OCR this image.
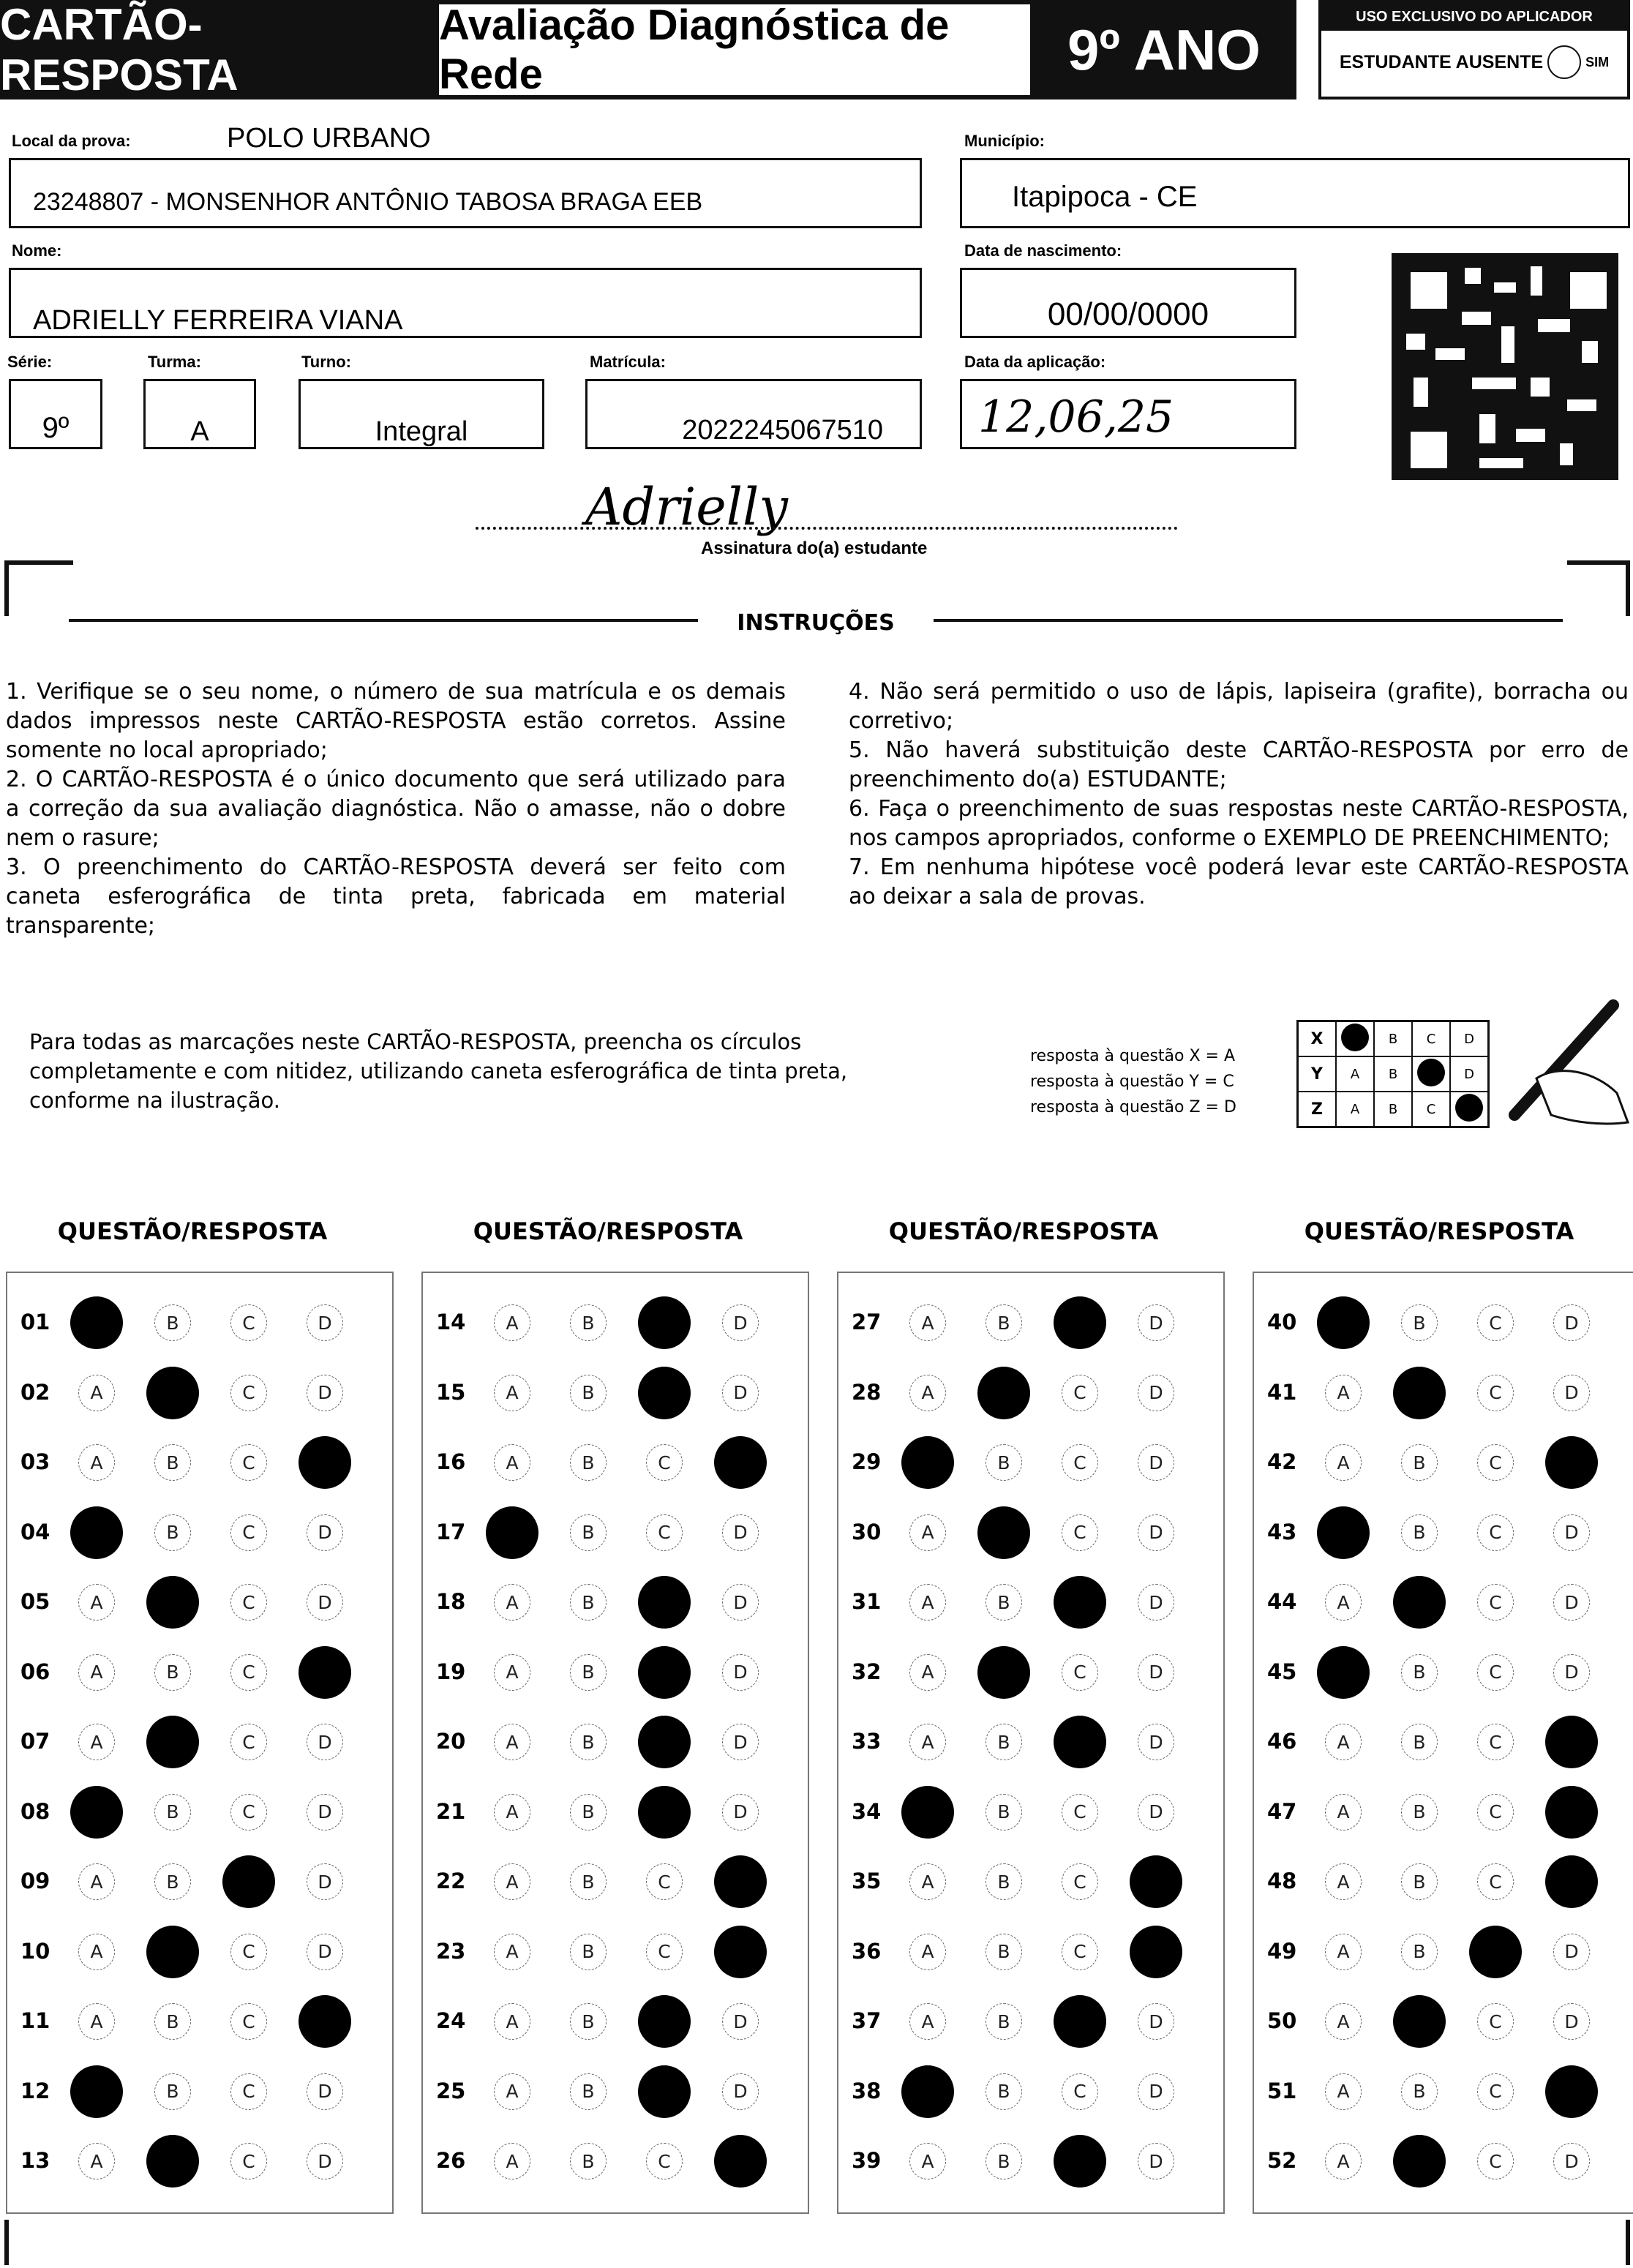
CARTÃO-RESPOSTA
Avaliação Diagnóstica de Rede	9º ANO
USO EXCLUSIVO DO APLICADOR
ESTUDANTE AUSENTE	SIM
Local da prova:	POLO URBANO
23248807 - MONSENHOR ANTÔNIO TABOSA BRAGA EEB
Município:
Itapipoca - CE
Nome:
ADRIELLY FERREIRA VIANA
Data de nascimento:
00/00/0000
Série:
9º
Turma:
A
Turno:
Integral
Matrícula:
2022245067510
Data da aplicação:
12,06,25
Adrielly
Assinatura do(a) estudante
INSTRUÇÕES

1. Verifique se o seu nome, o número de sua matrícula e os demais dados impressos neste CARTÃO-RESPOSTA estão corretos. Assine somente no local apropriado;

2. O CARTÃO-RESPOSTA é o único documento que será utilizado para a correção da sua avaliação diagnóstica. Não o amasse, não o dobre nem o rasure;

3. O preenchimento do CARTÃO-RESPOSTA deverá ser feito com caneta esferográfica de tinta preta, fabricada em material transparente;

4. Não será permitido o uso de lápis, lapiseira (grafite), borracha ou corretivo;

5. Não haverá substituição deste CARTÃO-RESPOSTA por erro de preenchimento do(a) ESTUDANTE;

6. Faça o preenchimento de suas respostas neste CARTÃO-RESPOSTA, nos campos apropriados, conforme o EXEMPLO DE PREENCHIMENTO;

7. Em nenhuma hipótese você poderá levar este CARTÃO-RESPOSTA ao deixar a sala de provas.

Para todas as marcações neste CARTÃO-RESPOSTA, preencha os círculos completamente e com nitidez, utilizando caneta esferográfica de tinta preta, conforme na ilustração.
resposta à questão X = A
resposta à questão Y = C
resposta à questão Z = D
X		B	C	D
Y	A	B		D
Z	A	B	C	
QUESTÃO/RESPOSTA
01	B	C	D
02	A	C	D
03	A	B	C
04	B	C	D
05	A	C	D
06	A	B	C
07	A	C	D
08	B	C	D
09	A	B	D
10	A	C	D
11	A	B	C
12	B	C	D
13	A	C	D
QUESTÃO/RESPOSTA
14	A	B	D
15	A	B	D
16	A	B	C
17	B	C	D
18	A	B	D
19	A	B	D
20	A	B	D
21	A	B	D
22	A	B	C
23	A	B	C
24	A	B	D
25	A	B	D
26	A	B	C
QUESTÃO/RESPOSTA
27	A	B	D
28	A	C	D
29	B	C	D
30	A	C	D
31	A	B	D
32	A	C	D
33	A	B	D
34	B	C	D
35	A	B	C
36	A	B	C
37	A	B	D
38	B	C	D
39	A	B	D
QUESTÃO/RESPOSTA
40	B	C	D
41	A	C	D
42	A	B	C
43	B	C	D
44	A	C	D
45	B	C	D
46	A	B	C
47	A	B	C
48	A	B	C
49	A	B	D
50	A	C	D
51	A	B	C
52	A	C	D
